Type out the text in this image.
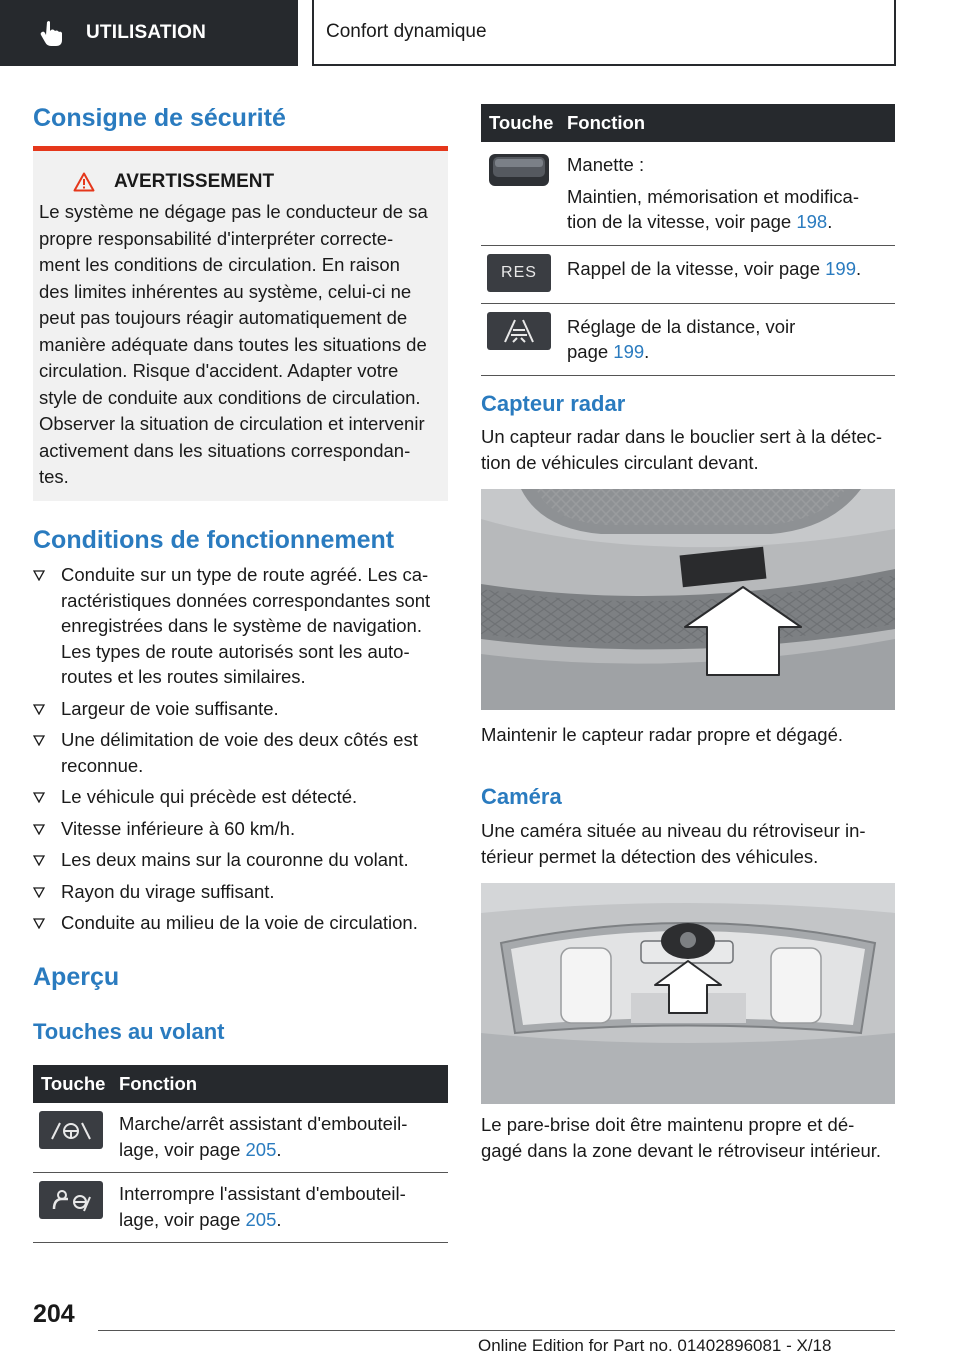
UTILISATION	Confort dynamique
Consigne de sécurité
AVERTISSEMENT

Le système ne dégage pas le conducteur de sa
propre responsabilité d'interpréter correcte-
ment les conditions de circulation. En raison
des limites inhérentes au système, celui-ci ne
peut pas toujours réagir automatiquement de
manière adéquate dans toutes les situations de
circulation. Risque d'accident. Adapter votre
style de conduite aux conditions de circulation.
Observer la situation de circulation et intervenir
activement dans les situations correspondan-
tes.

Conditions de fonctionnement
Conduite sur un type de route agréé. Les ca-
ractéristiques données correspondantes sont
enregistrées dans le système de navigation.
Les types de route autorisés sont les auto-
routes et les routes similaires.
Largeur de voie suffisante.
Une délimitation de voie des deux côtés est
reconnue.
Le véhicule qui précède est détecté.
Vitesse inférieure à 60 km/h.
Les deux mains sur la couronne du volant.
Rayon du virage suffisant.
Conduite au milieu de la voie de circulation.
Aperçu
Touches au volant
Touche	Fonction

	Marche/arrêt assistant d'embouteil-
lage, voir page 205.

	Interrompre l'assistant d'embouteil-
lage, voir page 205.
Touche	Fonction
	Manette :

Maintien, mémorisation et modifica-
tion de la vitesse, voir page 198.

RES	Rappel de la vitesse, voir page 199.

	Réglage de la distance, voir
page 199.
Capteur radar

Un capteur radar dans le bouclier sert à la détec-
tion de véhicules circulant devant.

Maintenir le capteur radar propre et dégagé.

Caméra

Une caméra située au niveau du rétroviseur in-
térieur permet la détection des véhicules.

Le pare-brise doit être maintenu propre et dé-
gagé dans la zone devant le rétroviseur intérieur.

204
Online Edition for Part no. 01402896081 - X/18
